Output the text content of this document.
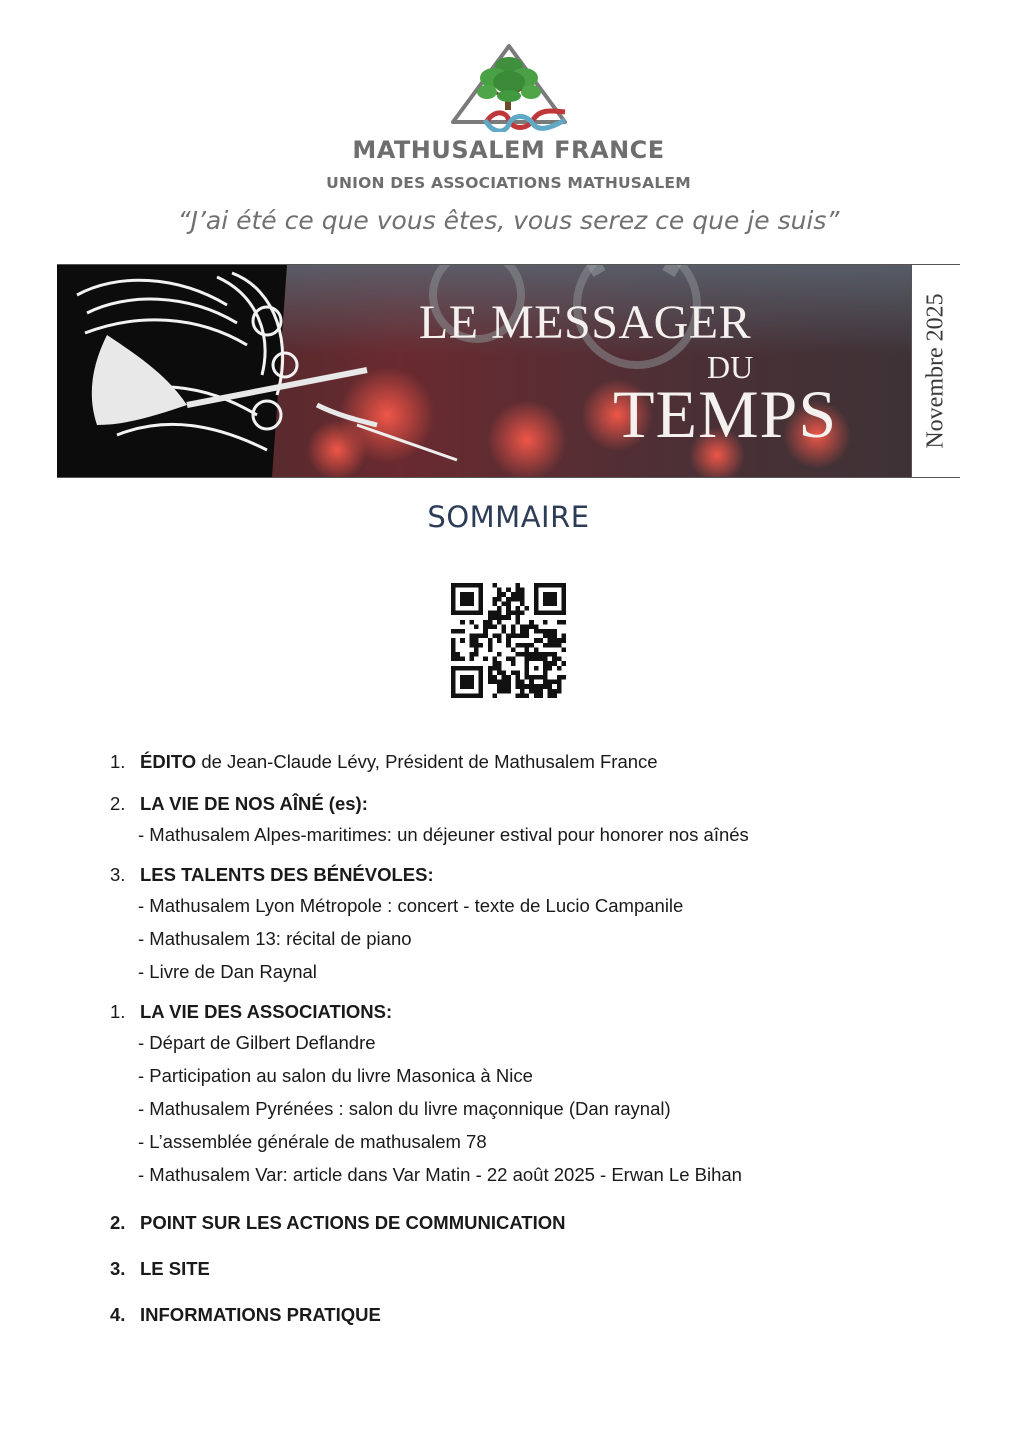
MATHUSALEM FRANCE
UNION DES ASSOCIATIONS MATHUSALEM
“J’ai été ce que vous êtes, vous serez ce que je suis”
LE MESSAGER
DU
TEMPS	Novembre 2025
SOMMAIRE
1. ÉDITO de Jean-Claude Lévy, Président de Mathusalem France
2. LA VIE DE NOS AÎNÉ (es):
- Mathusalem Alpes-maritimes: un déjeuner estival pour honorer nos aînés
3. LES TALENTS DES BÉNÉVOLES:
- Mathusalem Lyon Métropole : concert - texte de Lucio Campanile
- Mathusalem 13: récital de piano
- Livre de Dan Raynal
1. LA VIE DES ASSOCIATIONS:
- Départ de Gilbert Deflandre
- Participation au salon du livre Masonica à Nice
- Mathusalem Pyrénées : salon du livre maçonnique (Dan raynal)
- L’assemblée générale de mathusalem 78
- Mathusalem Var: article dans Var Matin - 22 août 2025 - Erwan Le Bihan
2. POINT SUR LES ACTIONS DE COMMUNICATION
3. LE SITE
4. INFORMATIONS PRATIQUE
